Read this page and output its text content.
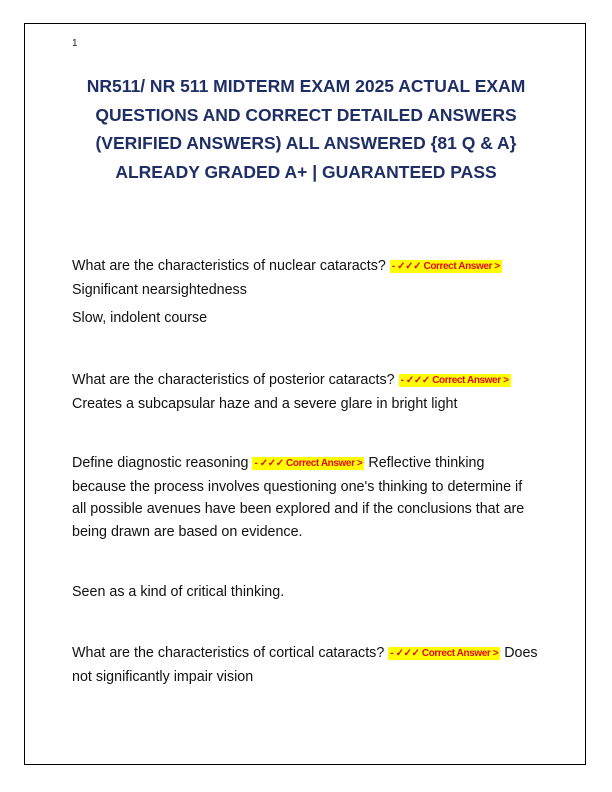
1
NR511/ NR 511 MIDTERM EXAM 2025 ACTUAL EXAM
QUESTIONS AND CORRECT DETAILED ANSWERS
(VERIFIED ANSWERS) ALL ANSWERED {81 Q & A}
ALREADY GRADED A+ | GUARANTEED PASS
What are the characteristics of nuclear cataracts? - ✓✓✓ Correct Answer >
Significant nearsightedness
Slow, indolent course
What are the characteristics of posterior cataracts? - ✓✓✓ Correct Answer >
Creates a subcapsular haze and a severe glare in bright light
Define diagnostic reasoning - ✓✓✓ Correct Answer > Reflective thinking
because the process involves questioning one's thinking to determine if
all possible avenues have been explored and if the conclusions that are
being drawn are based on evidence.
Seen as a kind of critical thinking.
What are the characteristics of cortical cataracts? - ✓✓✓ Correct Answer > Does
not significantly impair vision
